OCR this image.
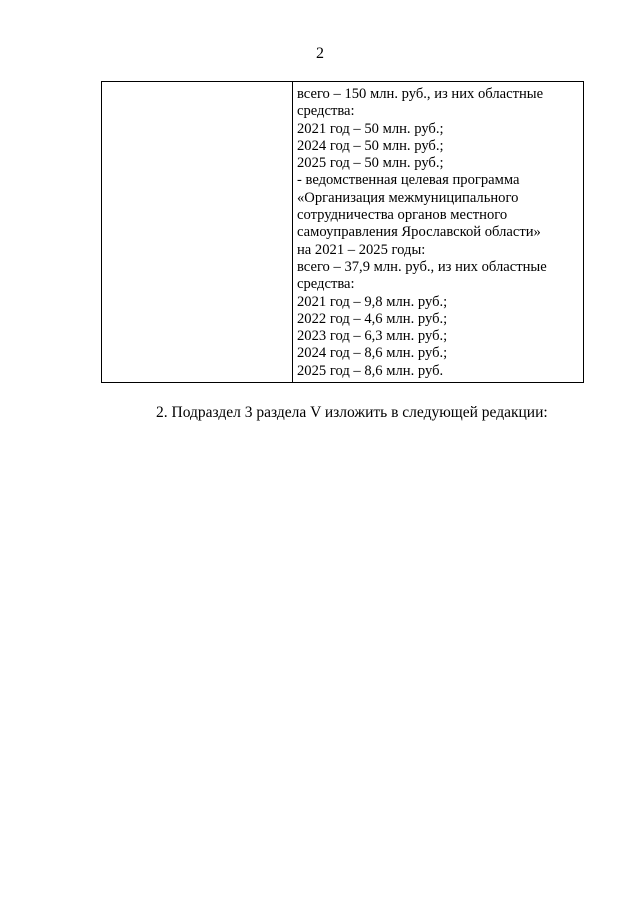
2

всего – 150 млн. руб., из них областные
средства:
2021 год – 50 млн. руб.;
2024 год – 50 млн. руб.;
2025 год – 50 млн. руб.;
- ведомственная целевая программа
«Организация межмуниципального
сотрудничества органов местного
самоуправления Ярославской области»
на 2021 – 2025 годы:
всего – 37,9 млн. руб., из них областные
средства:
2021 год – 9,8 млн. руб.;
2022 год – 4,6 млн. руб.;
2023 год – 6,3 млн. руб.;
2024 год – 8,6 млн. руб.;
2025 год – 8,6 млн. руб.
2. Подраздел 3 раздела V изложить в следующей редакции:
